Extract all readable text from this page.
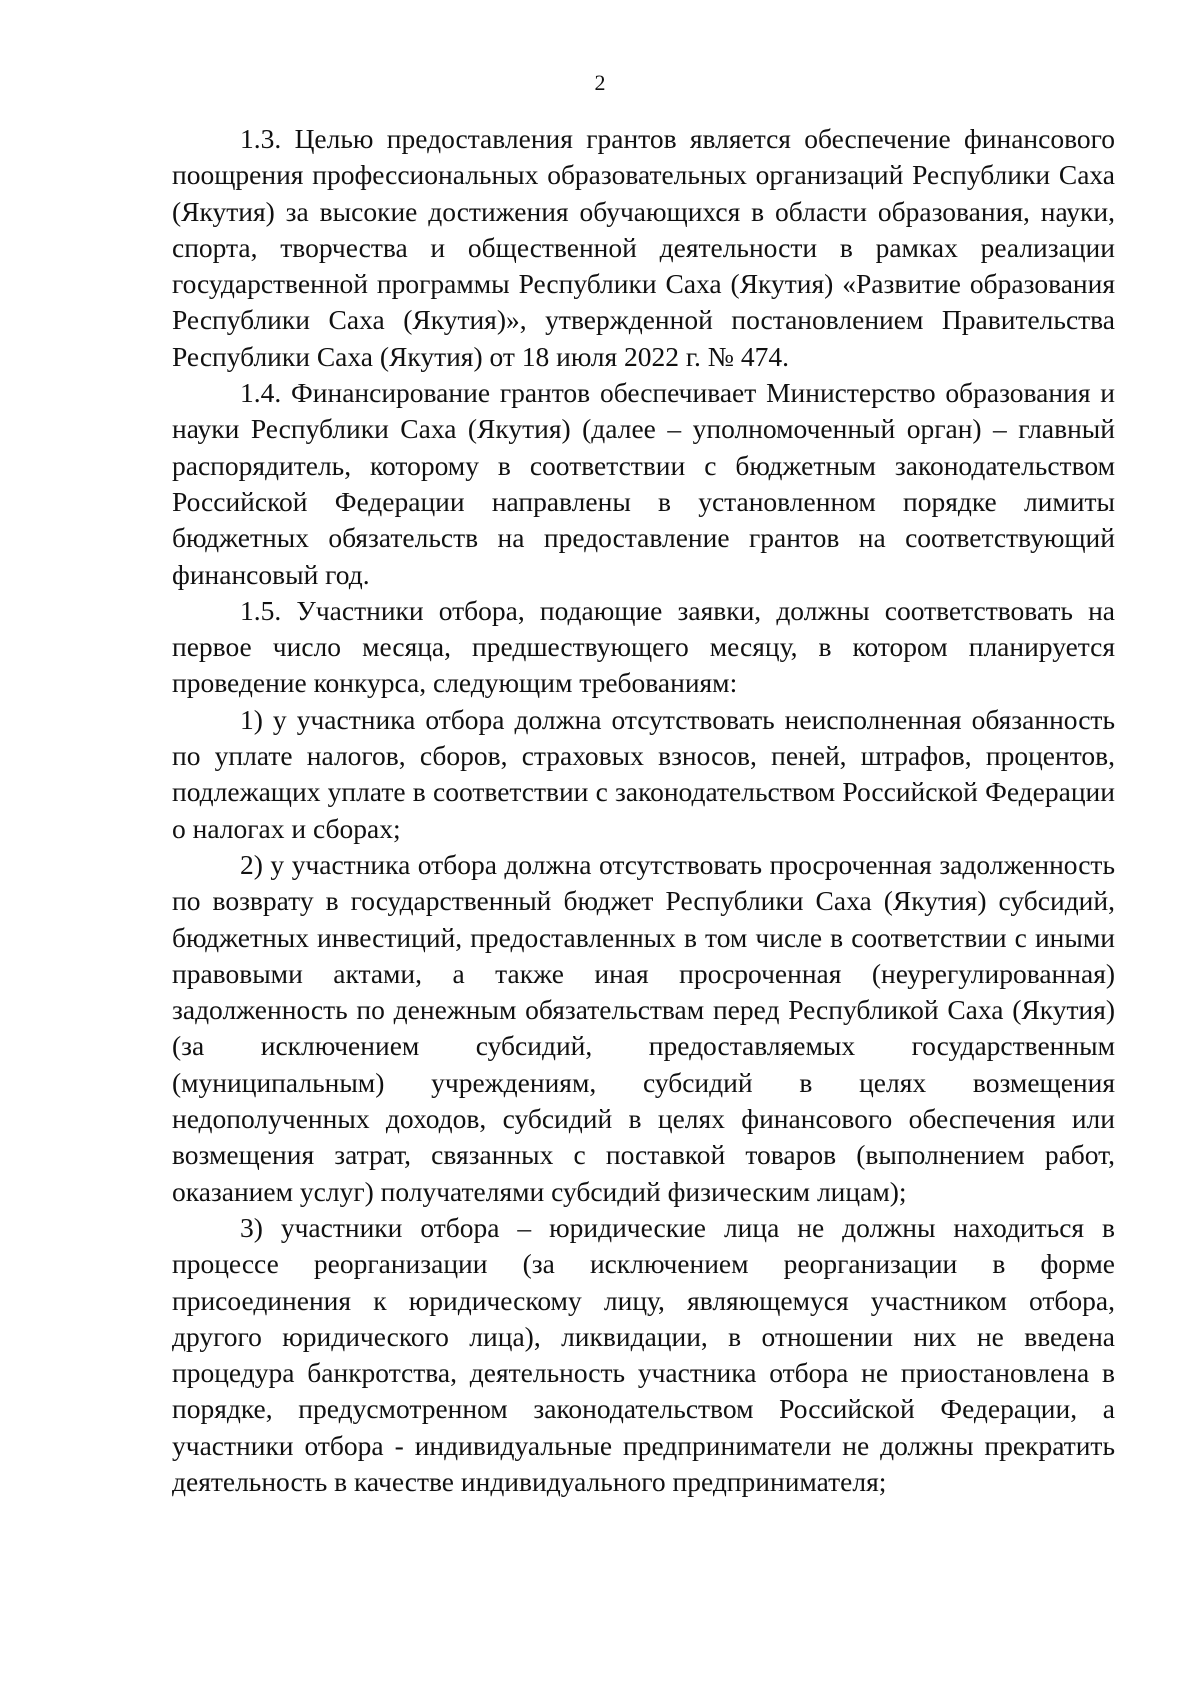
2

1.3. Целью предоставления грантов является обеспечение финансового поощрения профессиональных образовательных организаций Республики Саха (Якутия) за высокие достижения обучающихся в области образования, науки, спорта, творчества и общественной деятельности в рамках реализации государственной программы Республики Саха (Якутия) «Развитие образования Республики Саха (Якутия)», утвержденной постановлением Правительства Республики Саха (Якутия) от 18 июля 2022 г. № 474.

1.4. Финансирование грантов обеспечивает Министерство образования и науки Республики Саха (Якутия) (далее – уполномоченный орган) – главный распорядитель, которому в соответствии с бюджетным законодательством Российской Федерации направлены в установленном порядке лимиты бюджетных обязательств на предоставление грантов на соответствующий финансовый год.

1.5. Участники отбора, подающие заявки, должны соответствовать на первое число месяца, предшествующего месяцу, в котором планируется проведение конкурса, следующим требованиям:

1) у участника отбора должна отсутствовать неисполненная обязанность по уплате налогов, сборов, страховых взносов, пеней, штрафов, процентов, подлежащих уплате в соответствии с законодательством Российской Федерации о налогах и сборах;

2) у участника отбора должна отсутствовать просроченная задолженность по возврату в государственный бюджет Республики Саха (Якутия) субсидий, бюджетных инвестиций, предоставленных в том числе в соответствии с иными правовыми актами, а также иная просроченная (неурегулированная) задолженность по денежным обязательствам перед Республикой Саха (Якутия) (за исключением субсидий, предоставляемых государственным (муниципальным) учреждениям, субсидий в целях возмещения недополученных доходов, субсидий в целях финансового обеспечения или возмещения затрат, связанных с поставкой товаров (выполнением работ, оказанием услуг) получателями субсидий физическим лицам);

3) участники отбора – юридические лица не должны находиться в процессе реорганизации (за исключением реорганизации в форме присоединения к юридическому лицу, являющемуся участником отбора, другого юридического лица), ликвидации, в отношении них не введена процедура банкротства, деятельность участника отбора не приостановлена в порядке, предусмотренном законодательством Российской Федерации, а участники отбора - индивидуальные предприниматели не должны прекратить деятельность в качестве индивидуального предпринимателя;
